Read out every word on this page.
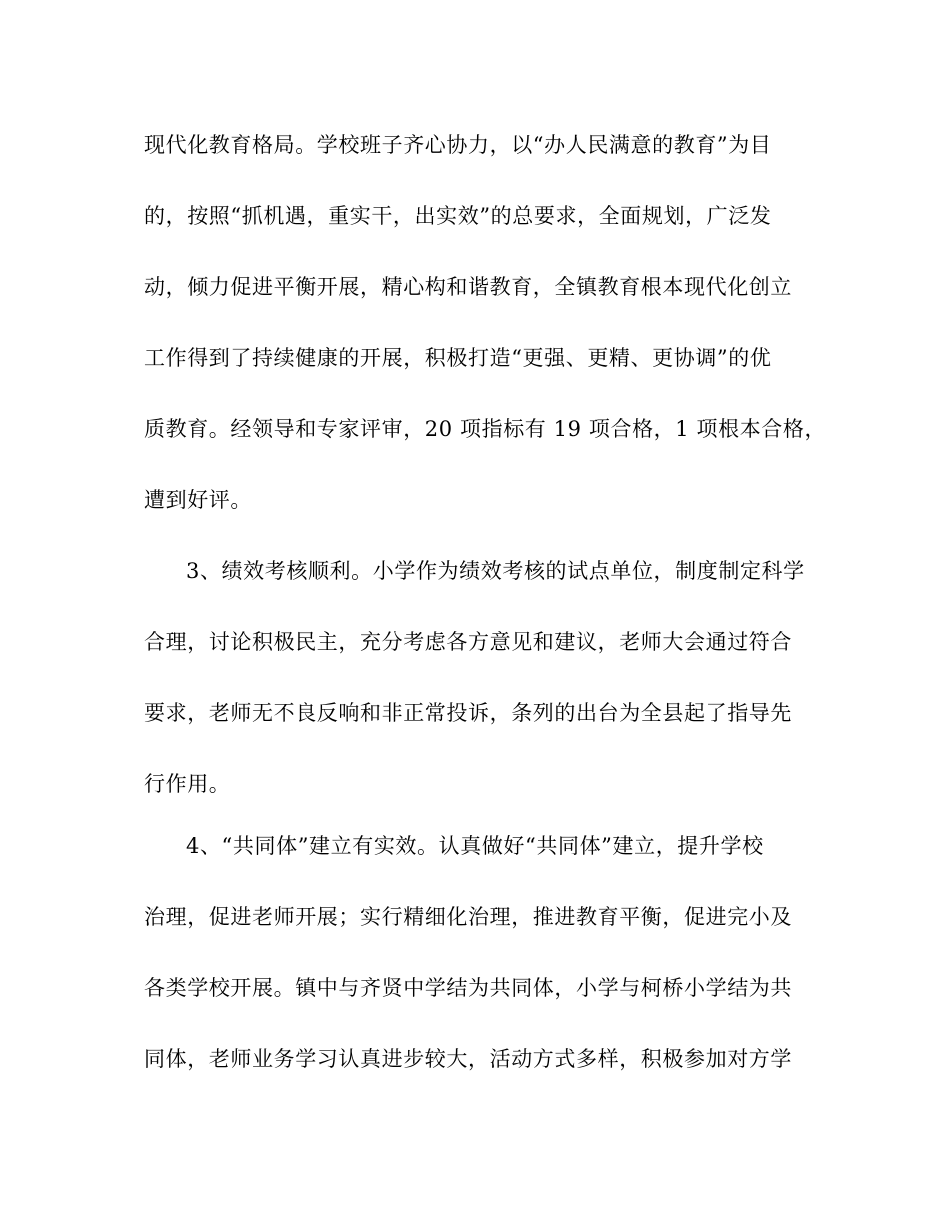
现代化教育格局。学校班子齐心协力，以“办人民满意的教育”为目
的，按照“抓机遇，重实干，出实效”的总要求，全面规划，广泛发
动，倾力促进平衡开展，精心构和谐教育，全镇教育根本现代化创立
工作得到了持续健康的开展，积极打造“更强、更精、更协调”的优
质教育。经领导和专家评审，20 项指标有 19 项合格，1 项根本合格，
遭到好评。
3、绩效考核顺利。小学作为绩效考核的试点单位，制度制定科学
合理，讨论积极民主，充分考虑各方意见和建议，老师大会通过符合
要求，老师无不良反响和非正常投诉，条列的出台为全县起了指导先
行作用。
4、“共同体”建立有实效。认真做好“共同体”建立，提升学校
治理，促进老师开展；实行精细化治理，推进教育平衡，促进完小及
各类学校开展。镇中与齐贤中学结为共同体，小学与柯桥小学结为共
同体，老师业务学习认真进步较大，活动方式多样，积极参加对方学
